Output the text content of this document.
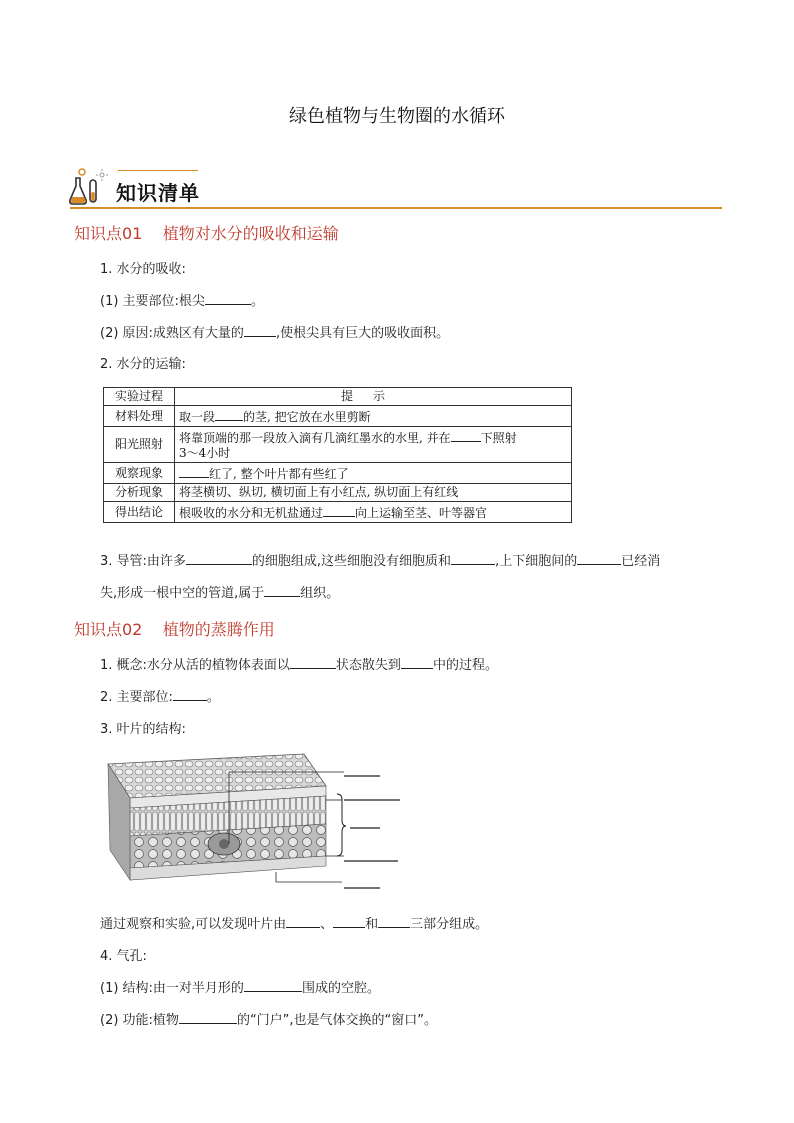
绿色植物与生物圈的水循环
知识清单
知识点01    植物对水分的吸收和运输
1. 水分的吸收:
(1) 主要部位:根尖	。
(2) 原因:成熟区有大量的 ,使根尖具有巨大的吸收面积。
2. 水分的运输:
实验过程	提示
材料处理	取一段 的茎, 把它放在水里剪断
阳光照射	将靠顶端的那一段放入滴有几滴红墨水的水里, 并在 下照射
3～4小时
观察现象	红了, 整个叶片都有些红了
分析现象	将茎横切、纵切, 横切面上有小红点, 纵切面上有红线
得出结论	根吸收的水分和无机盐通过 向上运输至茎、叶等器官
3. 导管:由许多	的细胞组成,这些细胞没有细胞质和	,上下细胞间的	已经消
失,形成一根中空的管道,属于	组织。
知识点02    植物的蒸腾作用
1. 概念:水分从活的植物体表面以	状态散失到 中的过程。
2. 主要部位:	。
3. 叶片的结构:
通过观察和实验,可以发现叶片由	、 和 三部分组成。
4. 气孔:
(1) 结构:由一对半月形的	围成的空腔。
(2) 功能:植物	的“门户”,也是气体交换的“窗口”。
